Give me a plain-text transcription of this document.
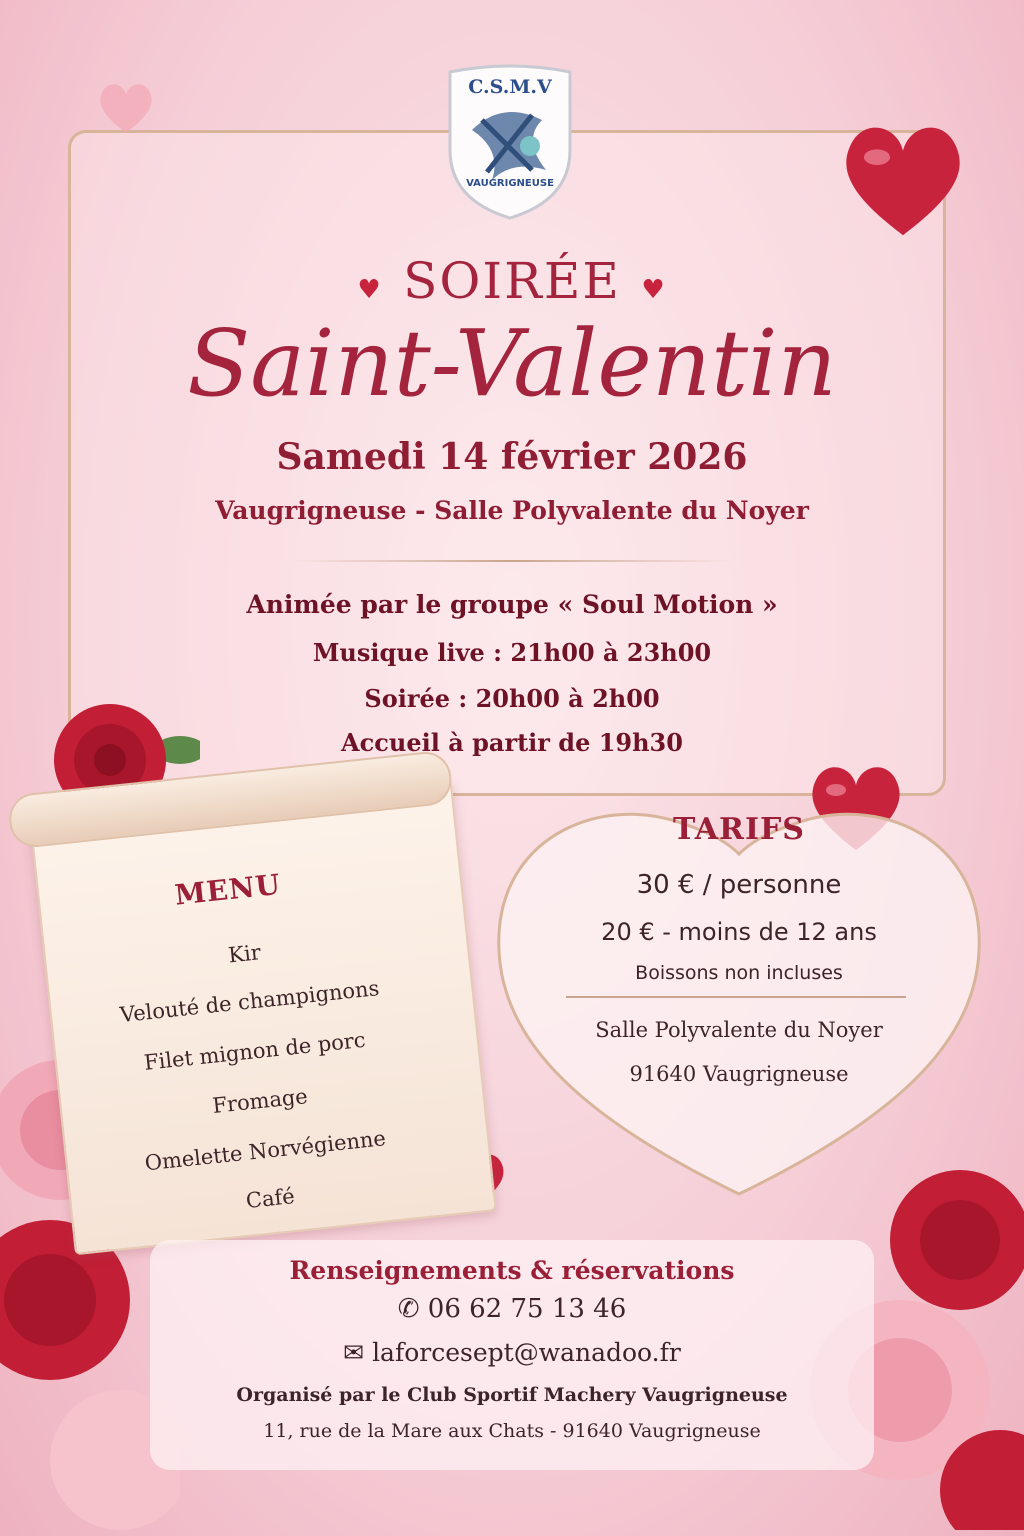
C.S.M.V
VAUGRIGNEUSE
♥  SOIRÉE  ♥
Saint-Valentin
Samedi 14 février 2026
Vaugrigneuse - Salle Polyvalente du Noyer
Animée par le groupe « Soul Motion »
Musique live : 21h00 à 23h00
Soirée : 20h00 à 2h00
Accueil à partir de 19h30
MENU
Kir
Velouté de champignons
Filet mignon de porc
Fromage
Omelette Norvégienne
Café
TARIFS
30 € / personne
20 € - moins de 12 ans
Boissons non incluses
Salle Polyvalente du Noyer
91640 Vaugrigneuse
Renseignements & réservations
✆ 06 62 75 13 46
✉ laforcesept@wanadoo.fr
Organisé par le Club Sportif Machery Vaugrigneuse
11, rue de la Mare aux Chats - 91640 Vaugrigneuse
